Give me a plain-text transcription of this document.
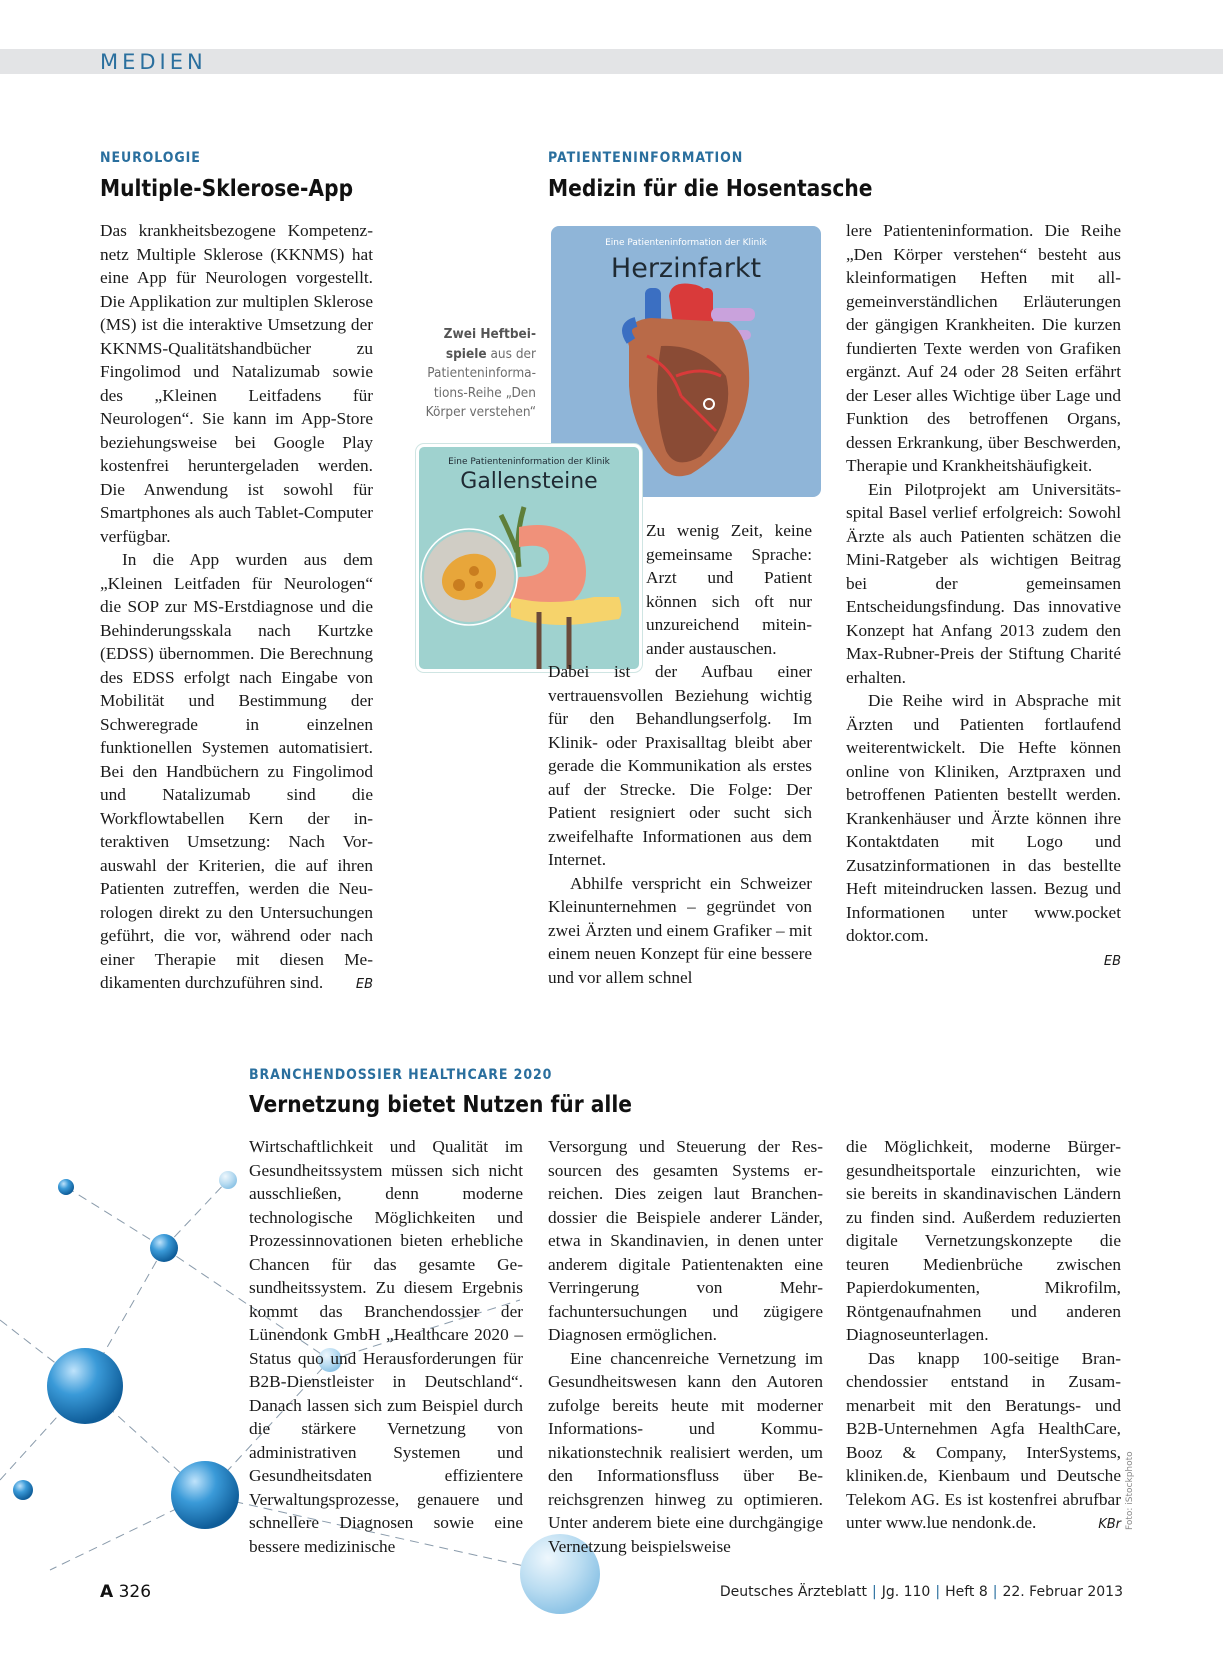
MEDIEN
NEUROLOGIE
Multiple-Sklerose-App

Das krankheitsbezogene Kompetenznetz Multiple Sklerose (KKNMS) hat eine App für Neurologen vorgestellt. Die Applikation zur multiplen Sklerose (MS) ist die interaktive Umsetzung der KKNMS-Qualitätshandbücher zu Fingolimod und Natalizumab sowie des „Kleinen Leitfadens für Neurologen“. Sie kann im App-Store beziehungsweise bei Google Play kostenfrei heruntergeladen werden. Die Anwendung ist sowohl für Smartphones als auch Tablet-Computer verfügbar.

In die App wurden aus dem „Kleinen Leitfaden für Neurologen“ die SOP zur MS-Erstdiagnose und die Behinderungsskala nach Kurtzke (EDSS) übernommen. Die Berechnung des EDSS erfolgt nach Eingabe von Mobilität und Bestimmung der Schweregrade in einzelnen funktionellen Systemen automatisiert. Bei den Handbüchern zu Fingolimod und Natalizumab sind die Workflowtabellen Kern der interaktiven Umsetzung: Nach Vorauswahl der Kriterien, die auf ihren Patienten zutreffen, werden die Neurologen direkt zu den Untersuchungen geführt, die vor, während oder nach einer Therapie mit diesen Medikamenten durchzuführen sind.	EB

PATIENTENINFORMATION
Medizin für die Hosentasche
Zwei Heftbeispiele aus der Patienteninformations-Reihe „Den Körper verstehen“
Eine Patienteninformation der Klinik
Herzinfarkt
Eine Patienteninformation der Klinik
Gallensteine

Zu wenig Zeit, keine gemeinsame Sprache: Arzt und Patient können sich oft nur unzureichend miteinander austauschen.

Dabei ist der Aufbau einer vertrauensvollen Beziehung wichtig für den Behandlungserfolg. Im Klinik- oder Praxisalltag bleibt aber gerade die Kommunikation als erstes auf der Strecke. Die Folge: Der Patient resigniert oder sucht sich zweifelhafte Informationen aus dem Internet.

Abhilfe verspricht ein Schweizer Kleinunternehmen – gegründet von zwei Ärzten und einem Grafiker – mit einem neuen Konzept für eine bessere und vor allem schnel

lere Patienteninformation. Die Reihe „Den Körper verstehen“ besteht aus kleinformatigen Heften mit allgemeinverständlichen Erläuterungen der gängigen Krankheiten. Die kurzen fundierten Texte werden von Grafiken ergänzt. Auf 24 oder 28 Seiten erfährt der Leser alles Wichtige über Lage und Funktion des betroffenen Organs, dessen Erkrankung, über Beschwerden, Therapie und Krankheitshäufigkeit.

Ein Pilotprojekt am Universitätsspital Basel verlief erfolgreich: Sowohl Ärzte als auch Patienten schätzen die Mini-Ratgeber als wichtigen Beitrag bei der gemeinsamen Entscheidungsfindung. Das innovative Konzept hat Anfang 2013 zudem den Max-Rubner-Preis der Stiftung Charité erhalten.

Die Reihe wird in Absprache mit Ärzten und Patienten fortlaufend weiterentwickelt. Die Hefte können online von Kliniken, Arztpraxen und betroffenen Patienten bestellt werden. Krankenhäuser und Ärzte können ihre Kontaktdaten mit Logo und Zusatzinformationen in das bestellte Heft miteindrucken lassen. Bezug und Informationen unter www.pocket doktor.com.

EB

BRANCHENDOSSIER HEALTHCARE 2020
Vernetzung bietet Nutzen für alle

Wirtschaftlichkeit und Qualität im Gesundheitssystem müssen sich nicht ausschließen, denn moderne technologische Möglichkeiten und Prozessinnovationen bieten erhebliche Chancen für das gesamte Gesundheitssystem. Zu diesem Ergebnis kommt das Branchendossier der Lünendonk GmbH „Healthcare 2020 – Status quo und Herausforderungen für B2B-Dienstleister in Deutschland“. Danach lassen sich zum Beispiel durch die stärkere Vernetzung von administrativen Systemen und Gesundheitsdaten effizientere Verwaltungsprozesse, genauere und schnellere Diagnosen sowie eine bessere medizinische

Versorgung und Steuerung der Ressourcen des gesamten Systems erreichen. Dies zeigen laut Branchendossier die Beispiele anderer Länder, etwa in Skandinavien, in denen unter anderem digitale Patientenakten eine Verringerung von Mehrfachuntersuchungen und zügigere Diagnosen ermöglichen.

Eine chancenreiche Vernetzung im Gesundheitswesen kann den Autoren zufolge bereits heute mit moderner Informations- und Kommunikationstechnik realisiert werden, um den Informationsfluss über Bereichsgrenzen hinweg zu optimieren. Unter anderem biete eine durchgängige Vernetzung beispielsweise

die Möglichkeit, moderne Bürgergesundheitsportale einzurichten, wie sie bereits in skandinavischen Ländern zu finden sind. Außerdem reduzierten digitale Vernetzungskonzepte die teuren Medienbrüche zwischen Papierdokumenten, Mikrofilm, Röntgenaufnahmen und anderen Diagnoseunterlagen.

Das knapp 100-seitige Branchendossier entstand in Zusammenarbeit mit den Beratungs- und B2B-Unternehmen Agfa HealthCare, Booz & Company, InterSystems, kliniken.de, Kienbaum und Deutsche Telekom AG. Es ist kostenfrei abrufbar unter www.lue nendonk.de.	KBr Foto: iStockphoto
A 326	Deutsches Ärzteblatt | Jg. 110 | Heft 8 | 22. Februar 2013
